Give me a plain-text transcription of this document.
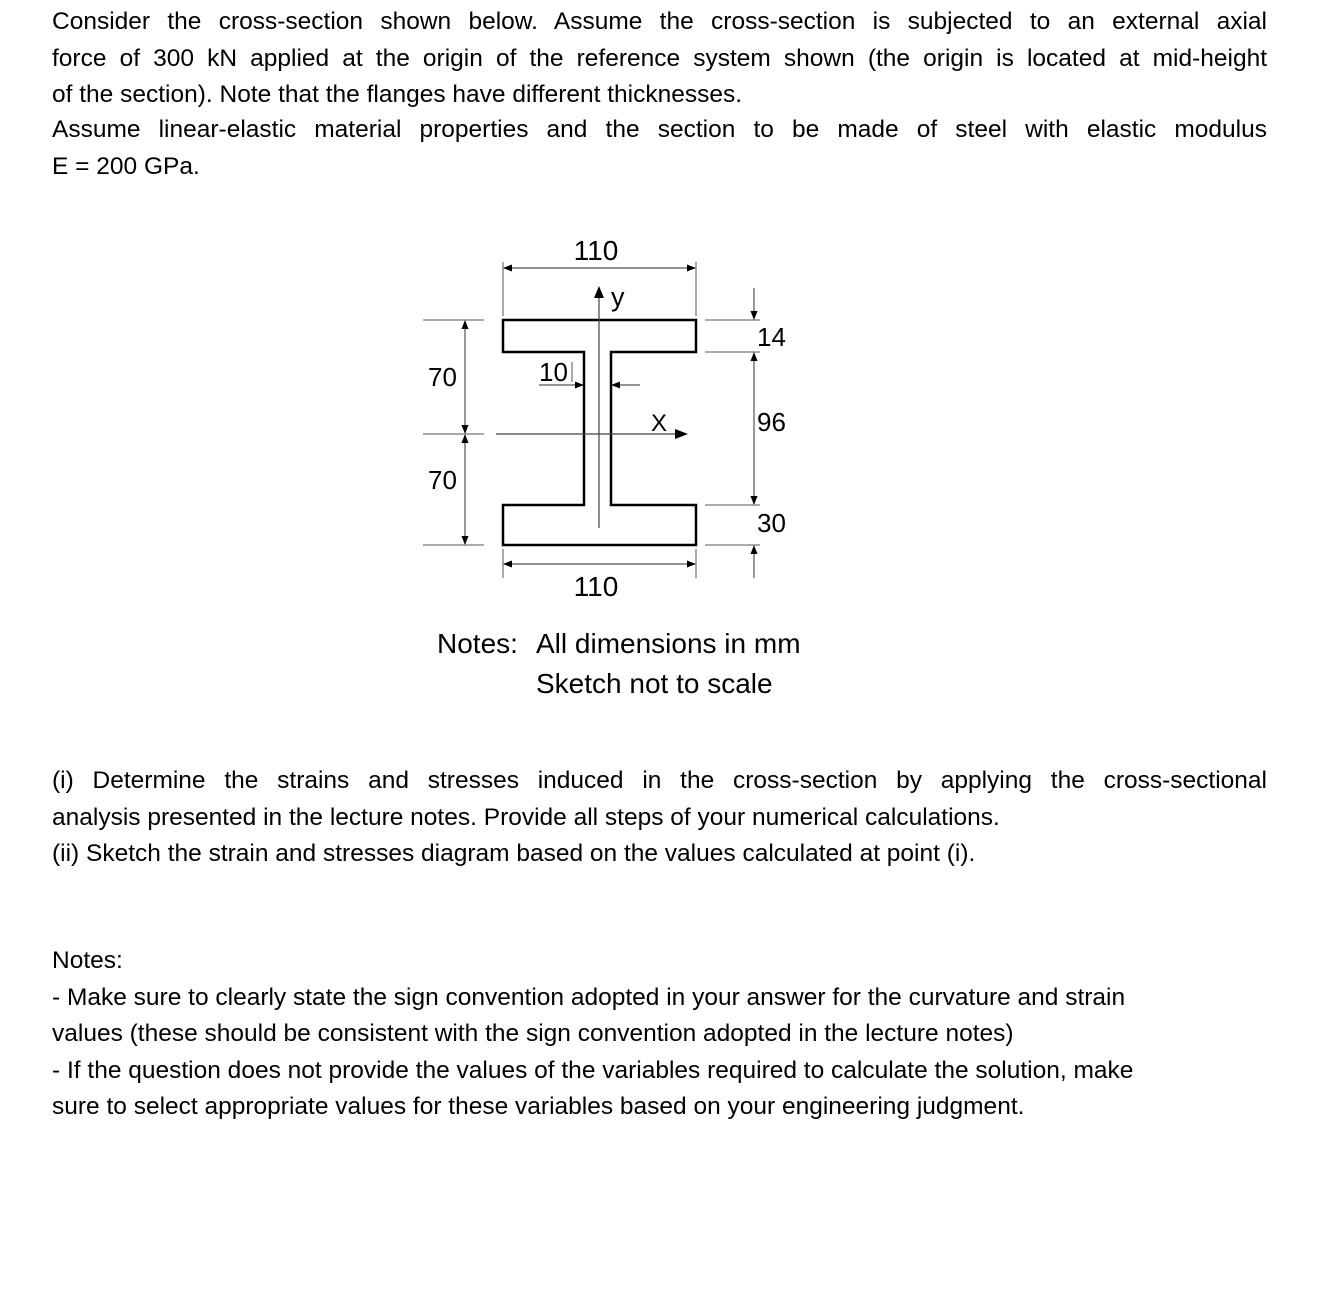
Consider the cross-section shown below. Assume the cross-section is subjected to an external axial
force of 300 kN applied at the origin of the reference system shown (the origin is located at mid-height
of the section). Note that the flanges have different thicknesses.
Assume linear-elastic material properties and the section to be made of steel with elastic modulus
E = 200 GPa.
y
X
110
110
70
70
10
14
96
30
Notes: All dimensions in mm
Sketch not to scale
(i) Determine the strains and stresses induced in the cross-section by applying the cross-sectional
analysis presented in the lecture notes. Provide all steps of your numerical calculations.
(ii) Sketch the strain and stresses diagram based on the values calculated at point (i).
Notes:
- Make sure to clearly state the sign convention adopted in your answer for the curvature and strain
values (these should be consistent with the sign convention adopted in the lecture notes)
- If the question does not provide the values of the variables required to calculate the solution, make
sure to select appropriate values for these variables based on your engineering judgment.
